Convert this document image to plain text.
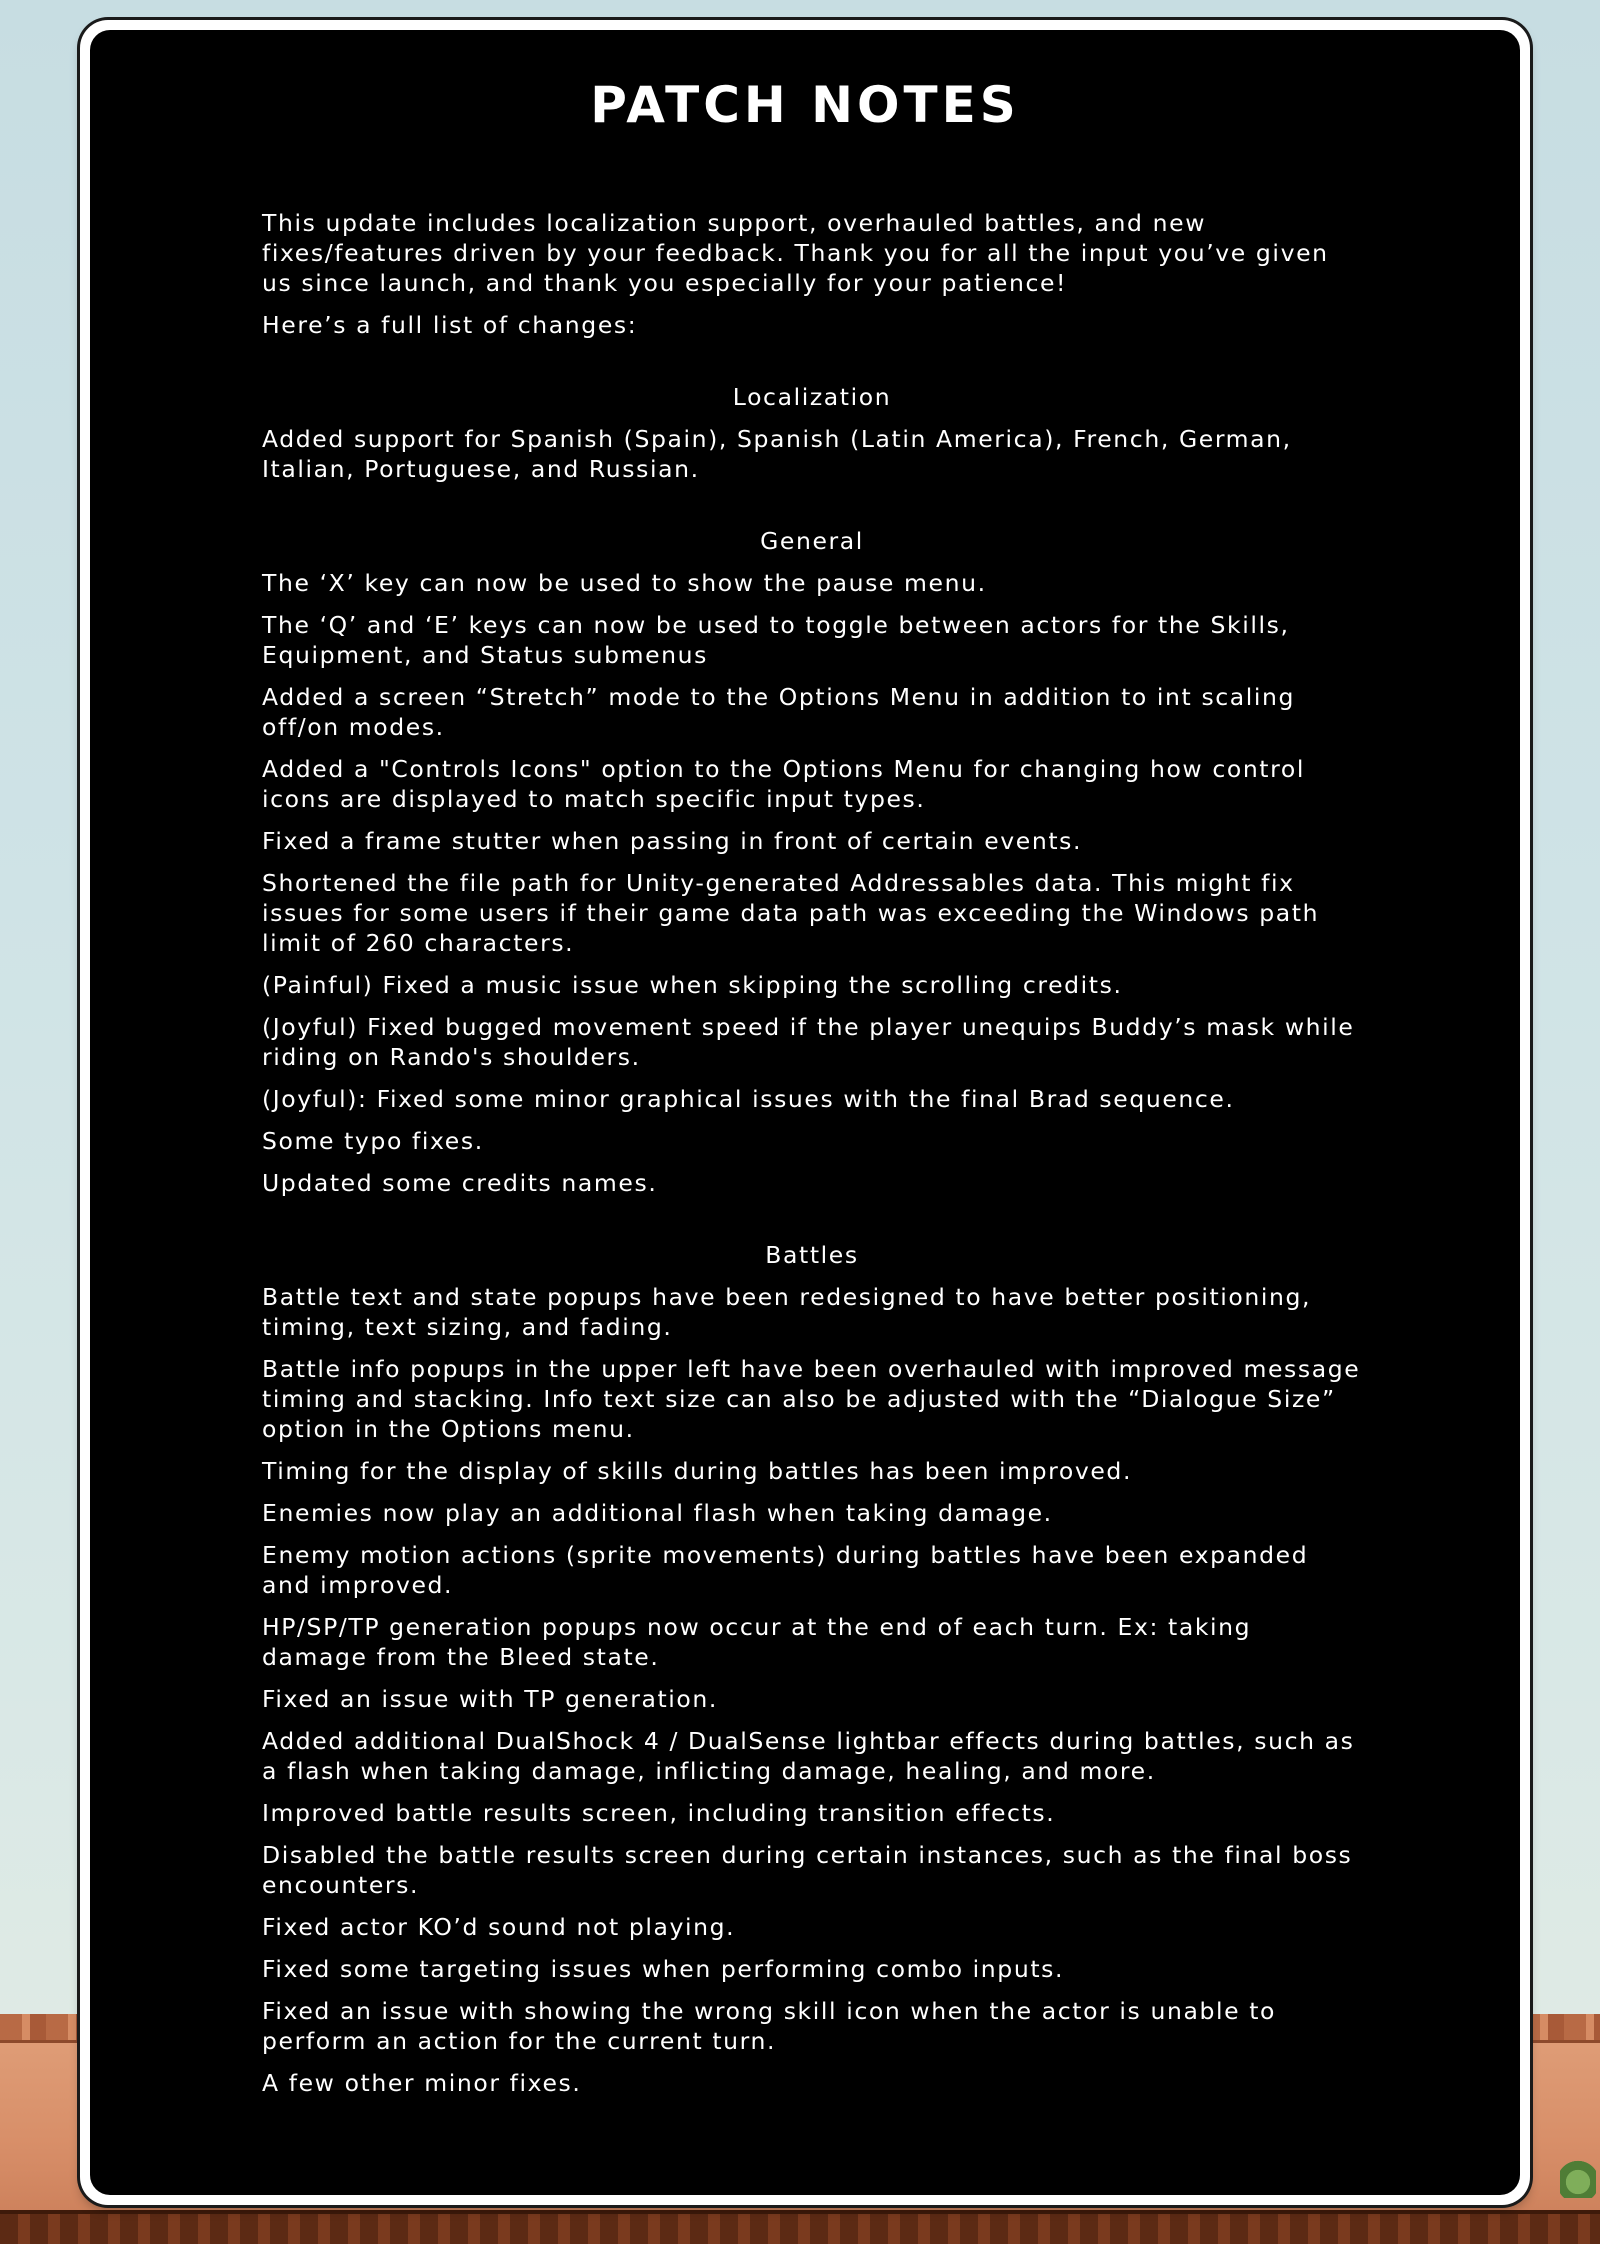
PATCH NOTES

This update includes localization support, overhauled battles, and new fixes/features driven by your feedback. Thank you for all the input you’ve given us since launch, and thank you especially for your patience!

Here’s a full list of changes:

Localization

Added support for Spanish (Spain), Spanish (Latin America), French, German, Italian, Portuguese, and Russian.

General

The ‘X’ key can now be used to show the pause menu.

The ‘Q’ and ‘E’ keys can now be used to toggle between actors for the Skills, Equipment, and Status submenus

Added a screen “Stretch” mode to the Options Menu in addition to int scaling off/on modes.

Added a "Controls Icons" option to the Options Menu for changing how control icons are displayed to match specific input types.

Fixed a frame stutter when passing in front of certain events.

Shortened the file path for Unity-generated Addressables data. This might fix issues for some users if their game data path was exceeding the Windows path limit of 260 characters.

(Painful) Fixed a music issue when skipping the scrolling credits.

(Joyful) Fixed bugged movement speed if the player unequips Buddy’s mask while riding on Rando's shoulders.

(Joyful): Fixed some minor graphical issues with the final Brad sequence.

Some typo fixes.

Updated some credits names.

Battles

Battle text and state popups have been redesigned to have better positioning, timing, text sizing, and fading.

Battle info popups in the upper left have been overhauled with improved message timing and stacking. Info text size can also be adjusted with the “Dialogue Size” option in the Options menu.

Timing for the display of skills during battles has been improved.

Enemies now play an additional flash when taking damage.

Enemy motion actions (sprite movements) during battles have been expanded and improved.

HP/SP/TP generation popups now occur at the end of each turn. Ex: taking damage from the Bleed state.

Fixed an issue with TP generation.

Added additional DualShock 4 / DualSense lightbar effects during battles, such as a flash when taking damage, inflicting damage, healing, and more.

Improved battle results screen, including transition effects.

Disabled the battle results screen during certain instances, such as the final boss encounters.

Fixed actor KO’d sound not playing.

Fixed some targeting issues when performing combo inputs.

Fixed an issue with showing the wrong skill icon when the actor is unable to perform an action for the current turn.

A few other minor fixes.
